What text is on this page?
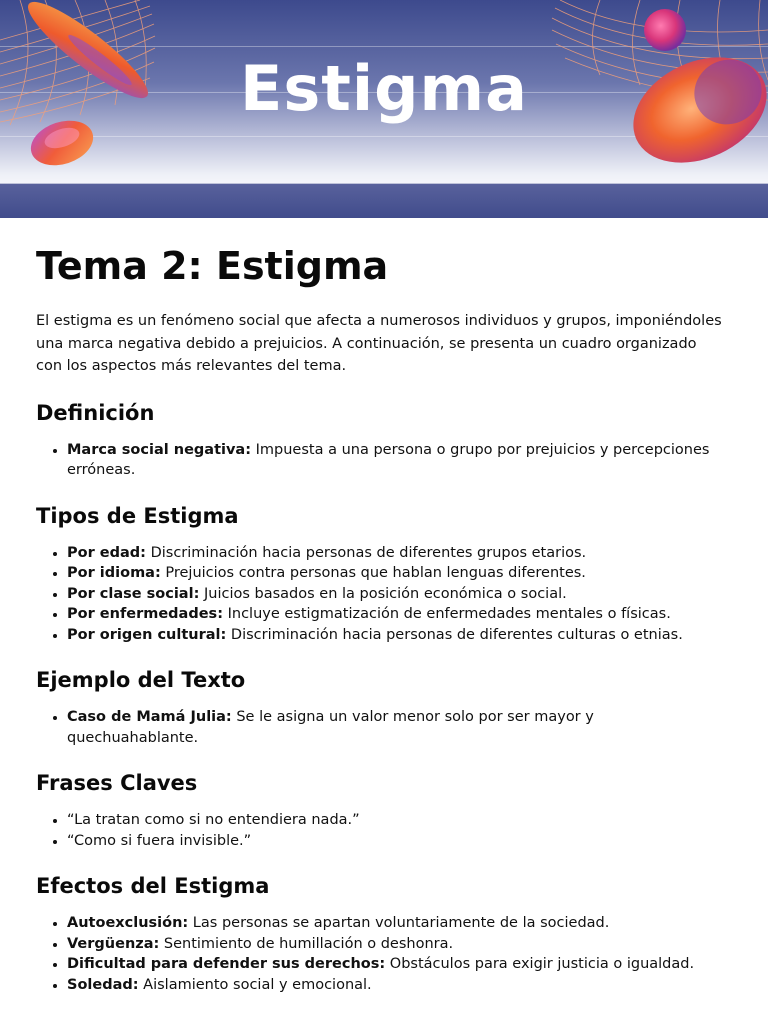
Estigma
Tema 2: Estigma

El estigma es un fenómeno social que afecta a numerosos individuos y grupos, imponiéndoles una marca negativa debido a prejuicios. A continuación, se presenta un cuadro organizado con los aspectos más relevantes del tema.

Definición
• Marca social negativa: Impuesta a una persona o grupo por prejuicios y percepciones erróneas.
Tipos de Estigma
• Por edad: Discriminación hacia personas de diferentes grupos etarios.
• Por idioma: Prejuicios contra personas que hablan lenguas diferentes.
• Por clase social: Juicios basados en la posición económica o social.
• Por enfermedades: Incluye estigmatización de enfermedades mentales o físicas.
• Por origen cultural: Discriminación hacia personas de diferentes culturas o etnias.
Ejemplo del Texto
• Caso de Mamá Julia: Se le asigna un valor menor solo por ser mayor y quechuahablante.
Frases Claves
• “La tratan como si no entendiera nada.”
• “Como si fuera invisible.”
Efectos del Estigma
• Autoexclusión: Las personas se apartan voluntariamente de la sociedad.
• Vergüenza: Sentimiento de humillación o deshonra.
• Dificultad para defender sus derechos: Obstáculos para exigir justicia o igualdad.
• Soledad: Aislamiento social y emocional.
